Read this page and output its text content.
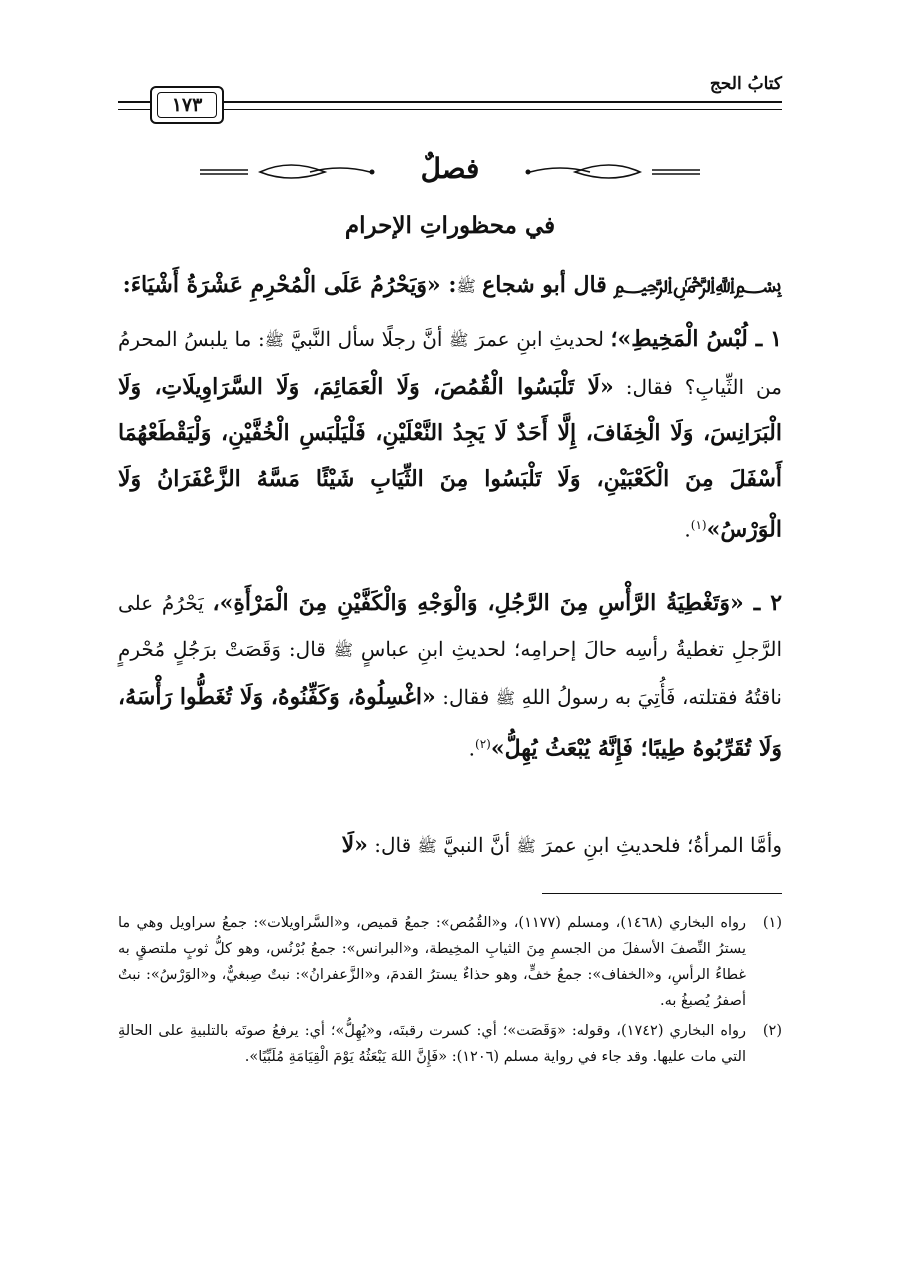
كتابُ الحج
١٧٣
فصلٌ
في محظوراتِ الإحرام

﷽ قال أبو شجاع ﷺ: «وَيَحْرُمُ عَلَى الْمُحْرِمِ عَشْرَةُ أَشْيَاءَ:

١ ـ لُبْسُ الْمَخِيطِ»؛ لحديثِ ابنِ عمرَ ﷺ أنَّ رجلًا سأل النَّبيَّ ﷺ: ما يلبسُ المحرمُ من الثِّيابِ؟ فقال: «لَا تَلْبَسُوا الْقُمُصَ، وَلَا الْعَمَائِمَ، وَلَا السَّرَاوِيلَاتِ، وَلَا الْبَرَانِسَ، وَلَا الْخِفَافَ، إِلَّا أَحَدٌ لَا يَجِدُ النَّعْلَيْنِ، فَلْيَلْبَسِ الْخُفَّيْنِ، وَلْيَقْطَعْهُمَا أَسْفَلَ مِنَ الْكَعْبَيْنِ، وَلَا تَلْبَسُوا مِنَ الثِّيَابِ شَيْئًا مَسَّهُ الزَّعْفَرَانُ وَلَا الْوَرْسُ»$^{(١)}$.

٢ ـ «وَتَغْطِيَةُ الرَّأْسِ مِنَ الرَّجُلِ، وَالْوَجْهِ وَالْكَفَّيْنِ مِنَ الْمَرْأَةِ»، يَحْرُمُ على الرَّجلِ تغطيةُ رأسِه حالَ إحرامِه؛ لحديثِ ابنِ عباسٍ ﷺ قال: وَقَصَتْ برَجُلٍ مُحْرمٍ ناقتُهُ فقتلته، فَأُتِيَ به رسولُ اللهِ ﷺ فقال: «اغْسِلُوهُ، وَكَفِّنُوهُ، وَلَا تُغَطُّوا رَأْسَهُ، وَلَا تُقَرِّبُوهُ طِيبًا؛ فَإِنَّهُ يُبْعَثُ يُهِلُّ»$^{(٢)}$.

وأمَّا المرأةُ؛ فلحديثِ ابنِ عمرَ ﷺ أنَّ النبيَّ ﷺ قال: «لَا

(١)
رواه البخاري (١٤٦٨)، ومسلم (١١٧٧)، و«القُمُص»: جمعُ قميص، و«السَّراويلات»: جمعُ سراويل وهي ما يسترُ النِّصفَ الأسفلَ من الجسمِ مِنَ الثيابِ المخِيطة، و«البرانس»: جمعُ بُرْنُس، وهو كلُّ ثوبٍ ملتصقٍ به غطاءُ الرأسِ، و«الخفاف»: جمعُ خفٍّ، وهو حذاءٌ يسترُ القدمَ، و«الزَّعفرانُ»: نبتٌ صِبغيٌّ، و«الوَرْسُ»: نبتٌ أصفرُ يُصبغُ به.
(٢)
رواه البخاري (١٧٤٢)، وقوله: «وَقَصَت»؛ أي: كسرت رقبتَه، و«يُهِلُّ»؛ أي: يرفعُ صوتَه بالتلبيةِ على الحالةِ التي مات عليها. وقد جاء في رواية مسلم (١٢٠٦): «فَإِنَّ اللهَ يَبْعَثُهُ يَوْمَ الْقِيَامَةِ مُلَبِّيًا».
